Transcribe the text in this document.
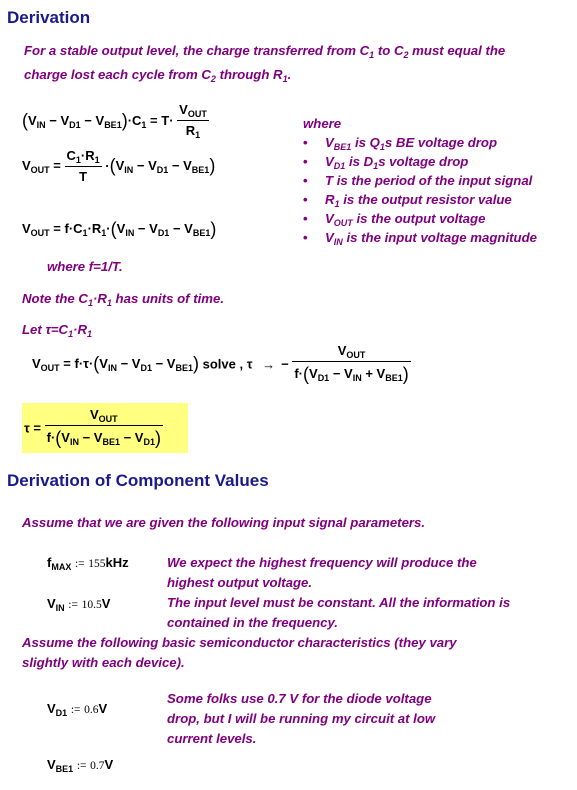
Derivation
For a stable output level, the charge transferred from $C_1$ to $C_2$ must equal the
charge lost each cycle from $C_2$ through $R_1$.
$(V_{IN} - V_{D1} - V_{BE1})\cdot C_1 = T\cdot \frac{V_{OUT}}{R_1}$
$V_{OUT} = \frac{C_1\cdot R_1}{T} \cdot(V_{IN} - V_{D1} - V_{BE1})$
$V_{OUT} = f\cdot C_1\cdot R_1\cdot(V_{IN} - V_{D1} - V_{BE1})$
where
• $V_{BE1}$ is $Q_1s$ BE voltage drop
• $V_{D1}$ is $D_1s$ voltage drop
• T is the period of the input signal
• $R_1$ is the output resistor value
• $V_{OUT}$ is the output voltage
• $V_{IN}$ is the input voltage magnitude
where f=1/T.
Note the $C_1\cdot R_1$ has units of time.
Let $\tau=C_1\cdot R_1$
$V_{OUT} = f\cdot\tau\cdot(V_{IN} - V_{D1} - V_{BE1})$ solve , τ → − $\frac{V_{OUT}}{f\cdot(V_{D1} - V_{IN} + V_{BE1})}$
$\tau = \frac{V_{OUT}}{f\cdot(V_{IN} - V_{BE1} - V_{D1})}$
Derivation of Component Values
Assume that we are given the following input signal parameters.
$f_{MAX}$ := 155kHz	We expect the highest frequency will produce the
highest output voltage.
$V_{IN}$ := 10.5V	The input level must be constant. All the information is
contained in the frequency.
Assume the following basic semiconductor characteristics (they vary
slightly with each device).
$V_{D1}$ := 0.6V
Some folks use 0.7 V for the diode voltage
drop, but I will be running my circuit at low
current levels.
$V_{BE1}$ := 0.7V
